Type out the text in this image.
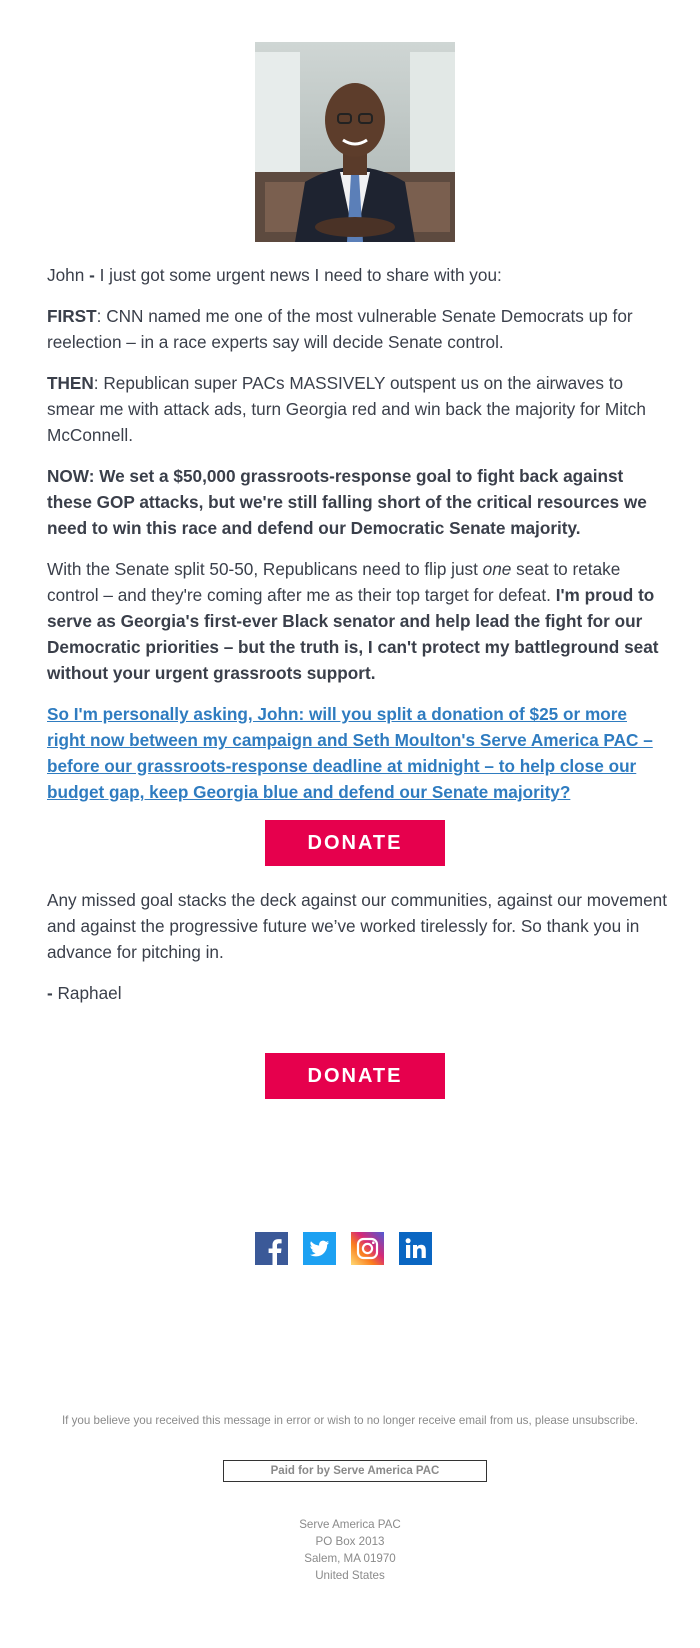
John - I just got some urgent news I need to share with you:

FIRST: CNN named me one of the most vulnerable Senate Democrats up for reelection – in a race experts say will decide Senate control.

THEN: Republican super PACs MASSIVELY outspent us on the airwaves to smear me with attack ads, turn Georgia red and win back the majority for Mitch McConnell.

NOW: We set a $50,000 grassroots-response goal to fight back against these GOP attacks, but we're still falling short of the critical resources we need to win this race and defend our Democratic Senate majority.

With the Senate split 50-50, Republicans need to flip just one seat to retake control – and they're coming after me as their top target for defeat. I'm proud to serve as Georgia's first-ever Black senator and help lead the fight for our Democratic priorities – but the truth is, I can't protect my battleground seat without your urgent grassroots support.

So I'm personally asking, John: will you split a donation of $25 or more right now between my campaign and Seth Moulton's Serve America PAC – before our grassroots-response deadline at midnight – to help close our budget gap, keep Georgia blue and defend our Senate majority?

DONATE

Any missed goal stacks the deck against our communities, against our movement and against the progressive future we’ve worked tirelessly for. So thank you in advance for pitching in.

- Raphael

DONATE
If you believe you received this message in error or wish to no longer receive email from us, please unsubscribe.
Paid for by Serve America PAC
Serve America PAC
PO Box 2013
Salem, MA 01970
United States
